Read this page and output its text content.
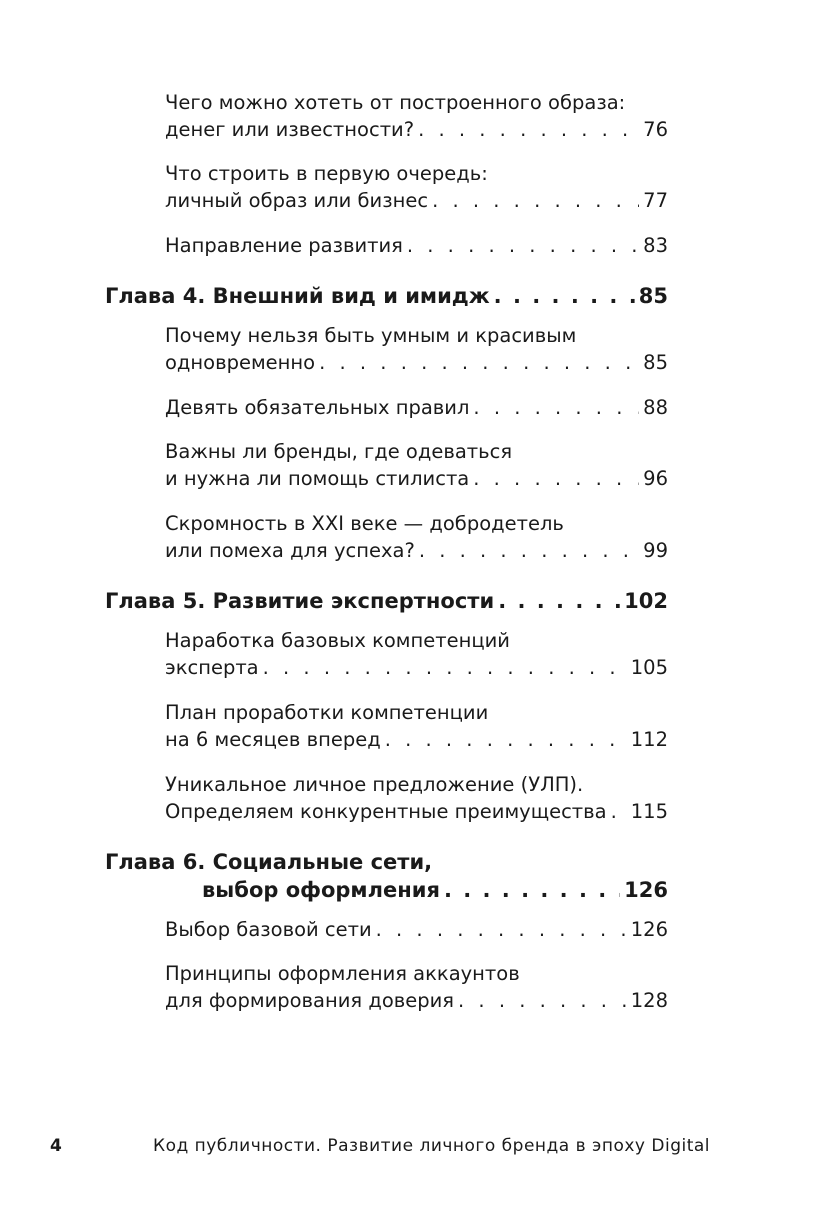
Чего можно хотеть от построенного образа:
денег или известности? . . .	76
Что строить в первую очередь:
личный образ или бизнес . . .	77
Направление развития . . .	83
Глава 4. Внешний вид и имидж . . .	85
Почему нельзя быть умным и красивым
одновременно . . .	85
Девять обязательных правил . . .	88
Важны ли бренды, где одеваться
и нужна ли помощь стилиста . . .	96
Скромность в XXI веке — добродетель
или помеха для успеха? . . .	99
Глава 5. Развитие экспертности . . .	102
Наработка базовых компетенций
эксперта . . .	105
План проработки компетенции
на 6 месяцев вперед . . .	112
Уникальное личное предложение (УЛП).
Определяем конкурентные преимущества . . . 115
Глава 6. Социальные сети,
выбор оформления . . .	126
Выбор базовой сети . . .	126
Принципы оформления аккаунтов
для формирования доверия . . .	128
4	Код публичности. Развитие личного бренда в эпоху Digital
